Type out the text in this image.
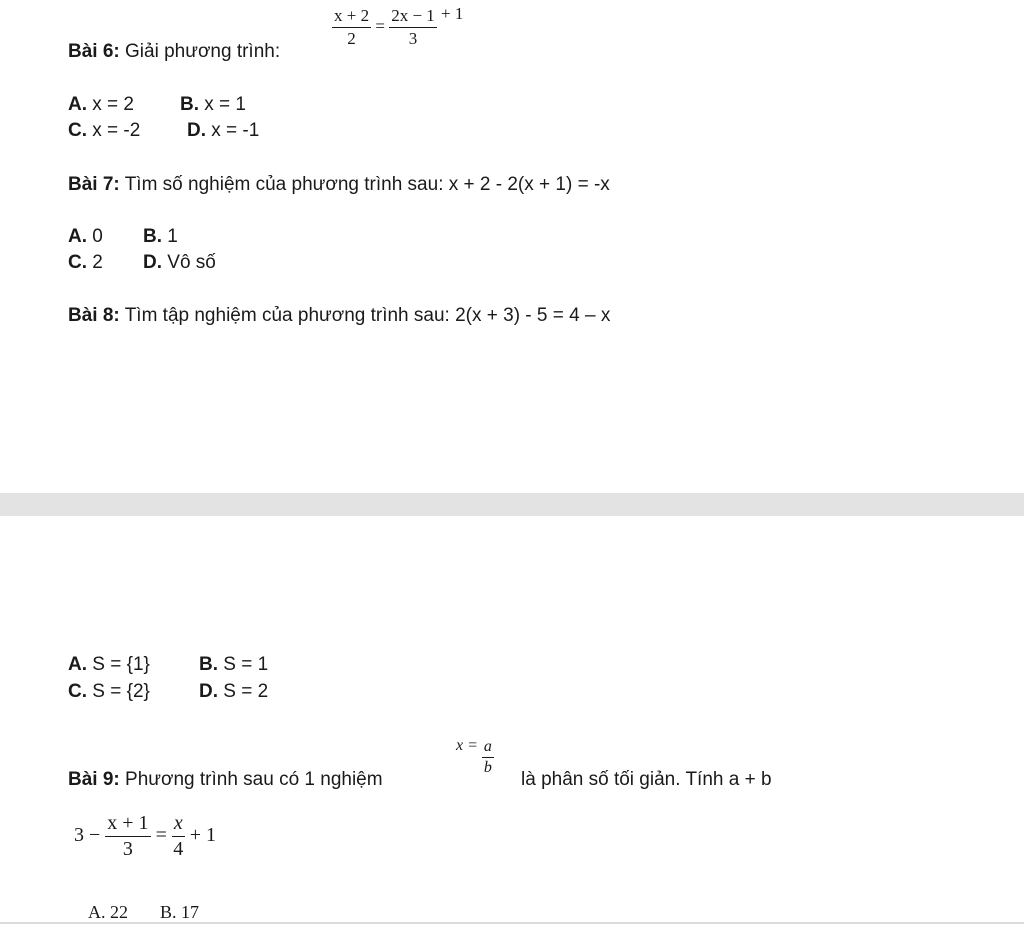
Bài 6: Giải phương trình:
$\frac{x + 2}{2} = \frac{2x - 1}{3} + 1$
A. x = 2 B. x = 1
C. x = -2 D. x = -1
Bài 7: Tìm số nghiệm của phương trình sau: x + 2 - 2(x + 1) = -x
A. 0 B. 1
C. 2 D. Vô số
Bài 8: Tìm tập nghiệm của phương trình sau: 2(x + 3) - 5 = 4 – x
A. S = {1}	B. S = 1
C. S = {2}	D. S = 2
Bài 9: Phương trình sau có 1 nghiệm
$x = \frac{a}{b}$
là phân số tối giản. Tính a + b
$3 - \frac{x + 1}{3} = \frac{x}{4} + 1$
A. 22 B. 17
